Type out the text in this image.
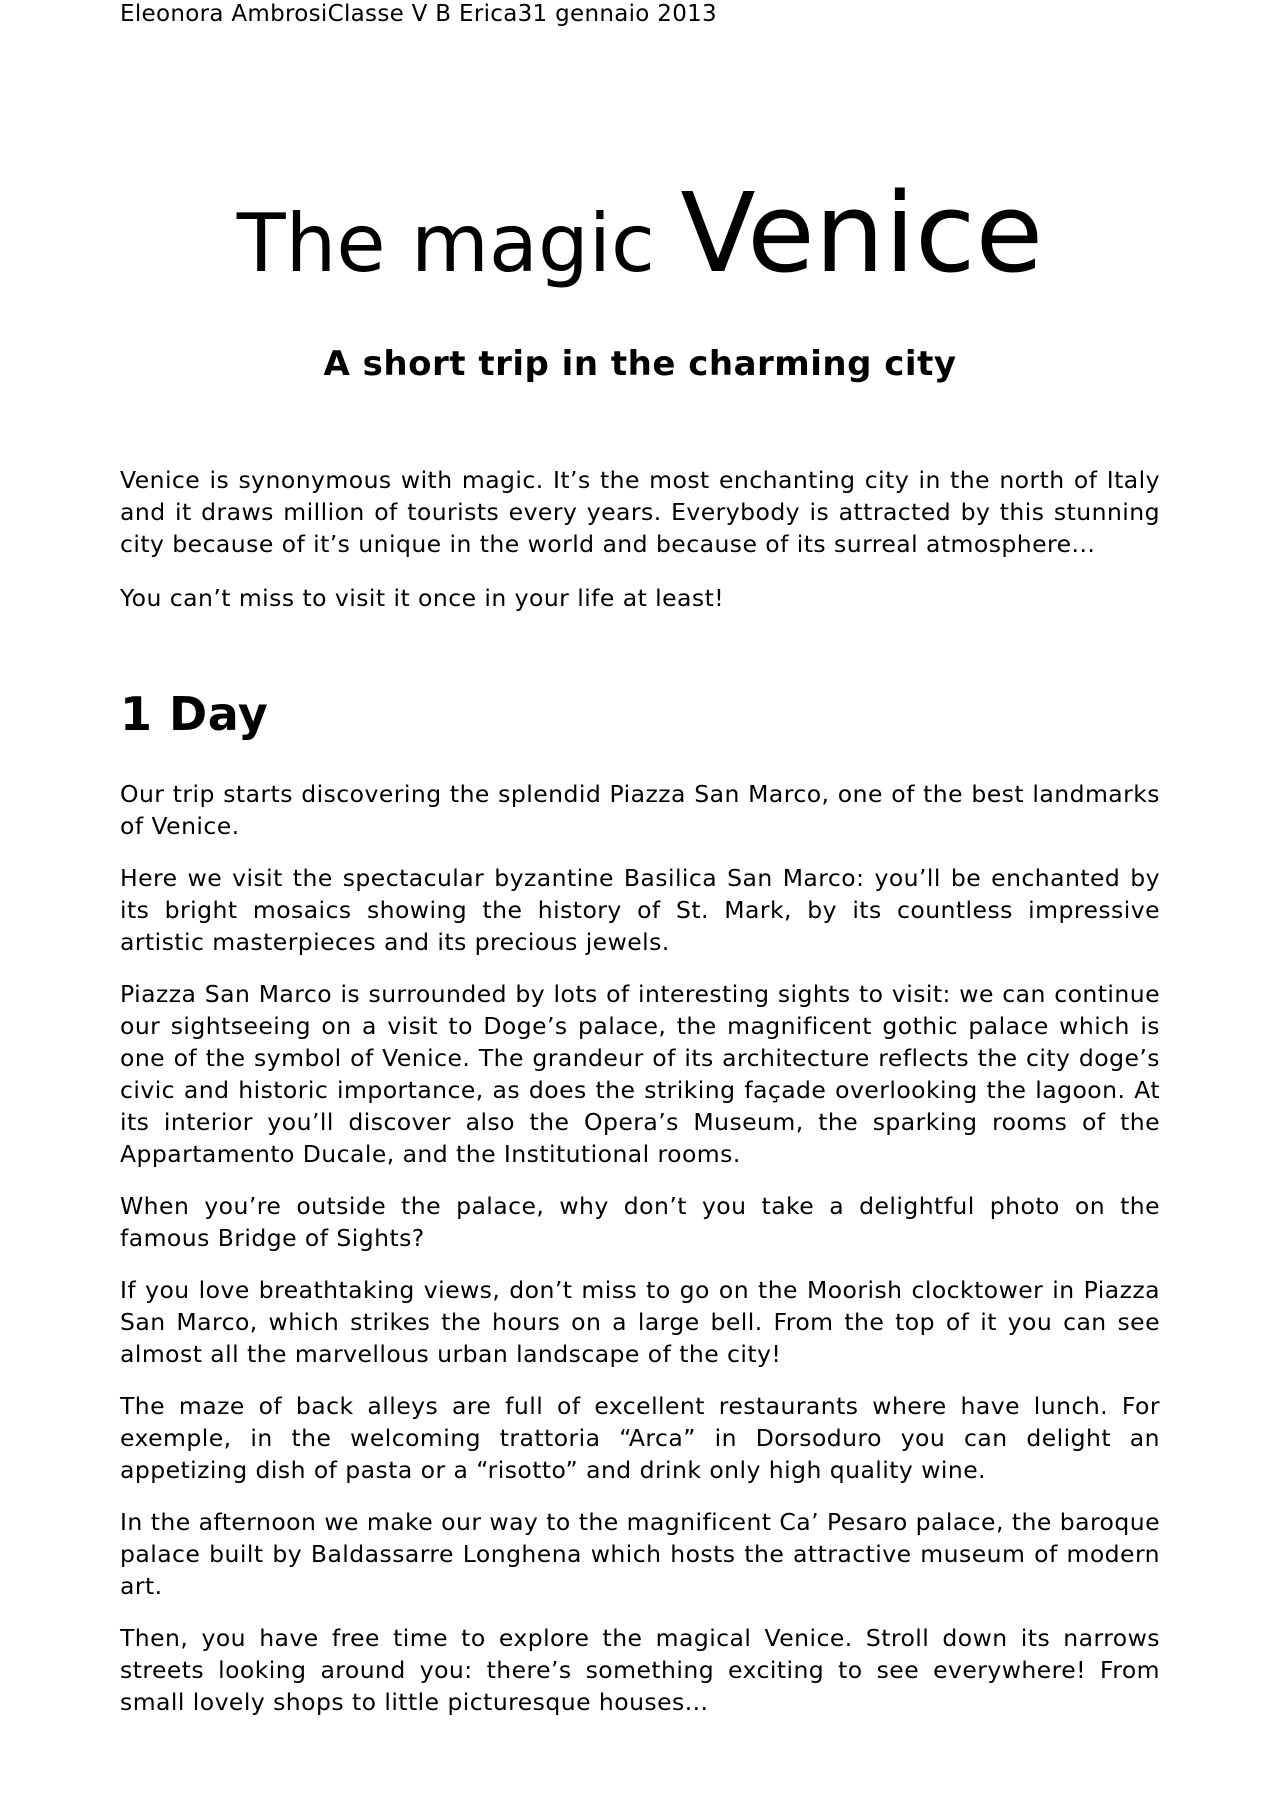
Eleonora AmbrosiClasse V B Erica31 gennaio 2013

The magic Venice
A short trip in the charming city

Venice is synonymous with magic. It’s the most enchanting city in the north of Italy and it draws million of tourists every years. Everybody is attracted by this stunning city because of it’s unique in the world and because of its surreal atmosphere...

You can’t miss to visit it once in your life at least!

1 Day

Our trip starts discovering the splendid Piazza San Marco, one of the best landmarks of Venice.

Here we visit the spectacular byzantine Basilica San Marco: you’ll be enchanted by its bright mosaics showing the history of St. Mark, by its countless impressive artistic masterpieces and its precious jewels.

Piazza San Marco is surrounded by lots of interesting sights to visit: we can continue our sightseeing on a visit to Doge’s palace, the magnificent gothic palace which is one of the symbol of Venice. The grandeur of its architecture reflects the city doge’s civic and historic importance, as does the striking façade overlooking the lagoon. At its interior you’ll discover also the Opera’s Museum, the sparking rooms of the Appartamento Ducale, and the Institutional rooms.

When you’re outside the palace, why don’t you take a delightful photo on the famous Bridge of Sights?

If you love breathtaking views, don’t miss to go on the Moorish clocktower in Piazza San Marco, which strikes the hours on a large bell. From the top of it you can see almost all the marvellous urban landscape of the city!

The maze of back alleys are full of excellent restaurants where have lunch. For exemple, in the welcoming trattoria “Arca” in Dorsoduro you can delight an appetizing dish of pasta or a “risotto” and drink only high quality wine.

In the afternoon we make our way to the magnificent Ca’ Pesaro palace, the baroque palace built by Baldassarre Longhena which hosts the attractive museum of modern art.

Then, you have free time to explore the magical Venice. Stroll down its narrows streets looking around you: there’s something exciting to see everywhere! From small lovely shops to little picturesque houses...
